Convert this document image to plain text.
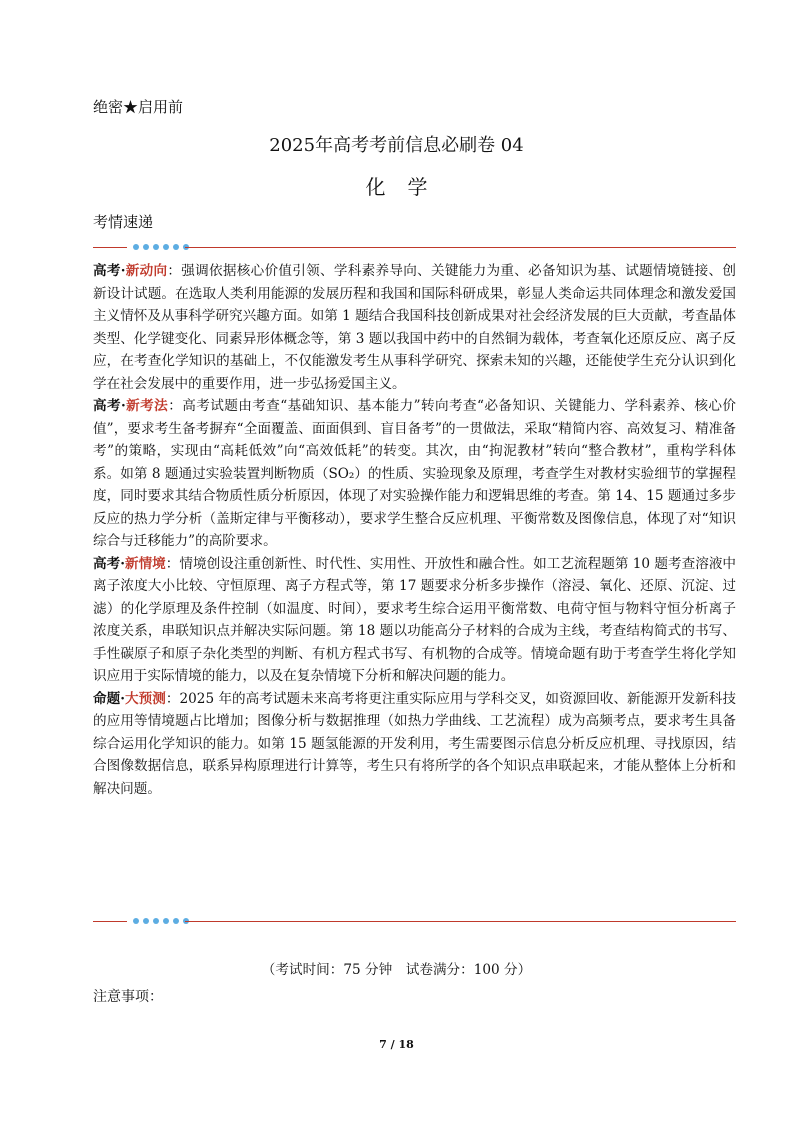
绝密★启用前
2025年高考考前信息必刷卷 04
化学
考情速递

高考·新动向：强调依据核心价值引领、学科素养导向、关键能力为重、必备知识为基、试题情境链接、创新设计试题。在选取人类利用能源的发展历程和我国和国际科研成果，彰显人类命运共同体理念和激发爱国主义情怀及从事科学研究兴趣方面。如第 1 题结合我国科技创新成果对社会经济发展的巨大贡献，考查晶体类型、化学键变化、同素异形体概念等，第 3 题以我国中药中的自然铜为载体，考查氧化还原反应、离子反应，在考查化学知识的基础上，不仅能激发考生从事科学研究、探索未知的兴趣，还能使学生充分认识到化学在社会发展中的重要作用，进一步弘扬爱国主义。

高考·新考法：高考试题由考查“基础知识、基本能力”转向考查“必备知识、关键能力、学科素养、核心价值”，要求考生备考摒弃“全面覆盖、面面俱到、盲目备考”的一贯做法，采取“精简内容、高效复习、精准备考”的策略，实现由“高耗低效”向“高效低耗”的转变。其次，由“拘泥教材”转向“整合教材”，重构学科体系。如第 8 题通过实验装置判断物质（SO₂）的性质、实验现象及原理，考查学生对教材实验细节的掌握程度，同时要求其结合物质性质分析原因，体现了对实验操作能力和逻辑思维的考查。第 14、15 题通过多步反应的热力学分析（盖斯定律与平衡移动），要求学生整合反应机理、平衡常数及图像信息，体现了对“知识综合与迁移能力”的高阶要求。

高考·新情境：情境创设注重创新性、时代性、实用性、开放性和融合性。如工艺流程题第 10 题考查溶液中离子浓度大小比较、守恒原理、离子方程式等，第 17 题要求分析多步操作（溶浸、氧化、还原、沉淀、过滤）的化学原理及条件控制（如温度、时间），要求考生综合运用平衡常数、电荷守恒与物料守恒分析离子浓度关系，串联知识点并解决实际问题。第 18 题以功能高分子材料的合成为主线，考查结构简式的书写、手性碳原子和原子杂化类型的判断、有机方程式书写、有机物的合成等。情境命题有助于考查学生将化学知识应用于实际情境的能力，以及在复杂情境下分析和解决问题的能力。

命题·大预测：2025 年的高考试题未来高考将更注重实际应用与学科交叉，如资源回收、新能源开发新科技的应用等情境题占比增加；图像分析与数据推理（如热力学曲线、工艺流程）成为高频考点，要求考生具备综合运用化学知识的能力。如第 15 题氢能源的开发利用，考生需要图示信息分析反应机理、寻找原因，结合图像数据信息，联系异构原理进行计算等，考生只有将所学的各个知识点串联起来，才能从整体上分析和解决问题。

（考试时间：75 分钟　试卷满分：100 分）
注意事项：
7 / 18
